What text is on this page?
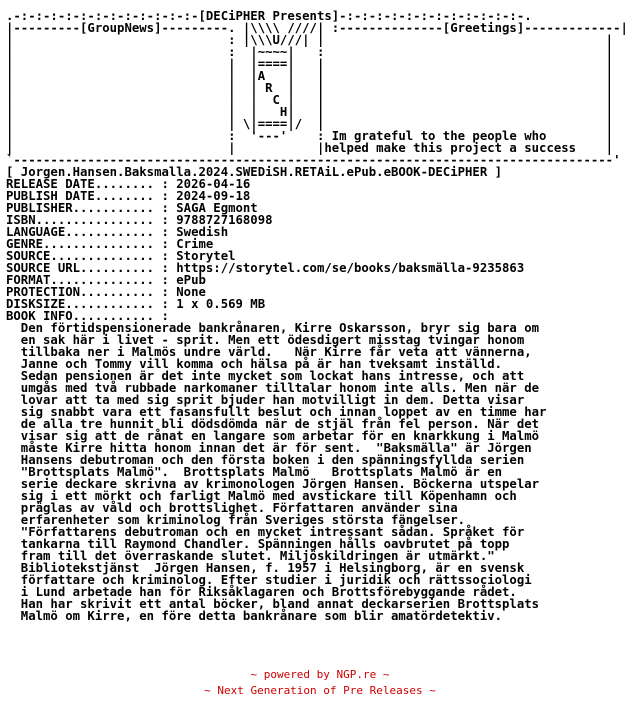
.-:-:-:-:-:-:-:-:-:-:-:-:-[DECiPHER Presents]-:-:-:-:-:-:-:-:-:-:-:-:-.
|---------[GroupNews]---------. |\\\\ ////| :--------------[Greetings]-------------|
|                             : |\\\U///| |                                      |
|                             :  |~~~~|   :                                      |
|                             |  |====|   |                                      |
|                             |  |A   |   |                                      |
|                             |  | R  |   |                                      |
|                             |  |  C |   |                                      |
|                             |  |   H|   |                                      |
|                             | \|====|/  |                                      |
|                             :  '---'    : Im grateful to the people who        |
|                             |           |helped make this project a success    |
`---------------------------------------------------------------------------------'
[ Jorgen.Hansen.Baksmalla.2024.SWEDiSH.RETAiL.ePub.eBOOK-DECiPHER ]
RELEASE DATE........ : 2026-04-16
PUBLISH DATE........ : 2024-09-18
PUBLISHER........... : SAGA Egmont
ISBN................ : 9788727168098
LANGUAGE............ : Swedish
GENRE............... : Crime
SOURCE.............. : Storytel
SOURCE URL.......... : https://storytel.com/se/books/baksmälla-9235863
FORMAT.............. : ePub
PROTECTION.......... : None
DISKSIZE............ : 1 x 0.569 MB
BOOK INFO........... :
Den förtidspensionerade bankrånaren, Kirre Oskarsson, bryr sig bara om
en sak här i livet - sprit. Men ett ödesdigert misstag tvingar honom
tillbaka ner i Malmös undre värld.   När Kirre får veta att vännerna,
Janne och Tommy vill komma och hälsa på är han tveksamt inställd.
Sedan pensionen är det inte mycket som lockat hans intresse, och att
umgås med två rubbade narkomaner tilltalar honom inte alls. Men när de
lovar att ta med sig sprit bjuder han motvilligt in dem. Detta visar
sig snabbt vara ett fasansfullt beslut och innan loppet av en timme har
de alla tre hunnit bli dödsdömda när de stjäl från fel person. När det
visar sig att de rånat en langare som arbetar för en knarkkung i Malmö
måste Kirre hitta honom innan det är för sent.  "Baksmälla" är Jörgen
Hansens debutroman och den första boken i den spänningsfyllda serien
"Brottsplats Malmö".  Brottsplats Malmö   Brottsplats Malmö är en
serie deckare skrivna av krimonologen Jörgen Hansen. Böckerna utspelar
sig i ett mörkt och farligt Malmö med avstickare till Köpenhamn och
präglas av våld och brottslighet. Författaren använder sina
erfarenheter som kriminolog från Sveriges största fängelser.
"Författarens debutroman och en mycket intressant sådan. Språket för
tankarna till Raymond Chandler. Spänningen hålls oavbrutet på topp
fram till det överraskande slutet. Miljöskildringen är utmärkt."
Bibliotekstjänst  Jörgen Hansen, f. 1957 i Helsingborg, är en svensk
författare och kriminolog. Efter studier i juridik och rättssociologi
i Lund arbetade han för Riksåklagaren och Brottsförebyggande rådet.
Han har skrivit ett antal böcker, bland annat deckarserien Brottsplats
Malmö om Kirre, en före detta bankrånare som blir amatördetektiv.

~ powered by NGP.re ~
~ Next Generation of Pre Releases ~
